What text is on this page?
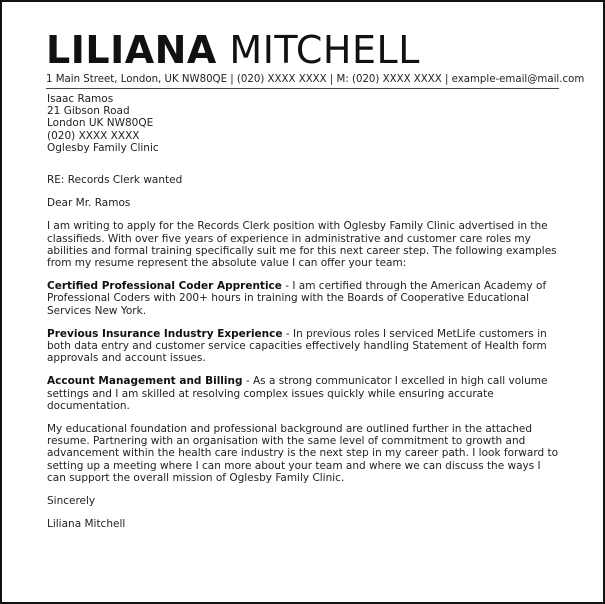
LILIANA MITCHELL
1 Main Street, London, UK NW80QE | (020) XXXX XXXX | M: (020) XXXX XXXX | example-email@mail.com

Isaac Ramos

21 Gibson Road

London UK NW80QE

(020) XXXX XXXX

Oglesby Family Clinic

RE: Records Clerk wanted

Dear Mr. Ramos

I am writing to apply for the Records Clerk position with Oglesby Family Clinic advertised in the classifieds. With over five years of experience in administrative and customer care roles my abilities and formal training specifically suit me for this next career step. The following examples from my resume represent the absolute value I can offer your team:

Certified Professional Coder Apprentice - I am certified through the American Academy of Professional Coders with 200+ hours in training with the Boards of Cooperative Educational Services New York.

Previous Insurance Industry Experience - In previous roles I serviced MetLife customers in both data entry and customer service capacities effectively handling Statement of Health form approvals and account issues.

Account Management and Billing - As a strong communicator I excelled in high call volume settings and I am skilled at resolving complex issues quickly while ensuring accurate documentation.

My educational foundation and professional background are outlined further in the attached resume. Partnering with an organisation with the same level of commitment to growth and advancement within the health care industry is the next step in my career path. I look forward to setting up a meeting where I can more about your team and where we can discuss the ways I can support the overall mission of Oglesby Family Clinic.

Sincerely

Liliana Mitchell
